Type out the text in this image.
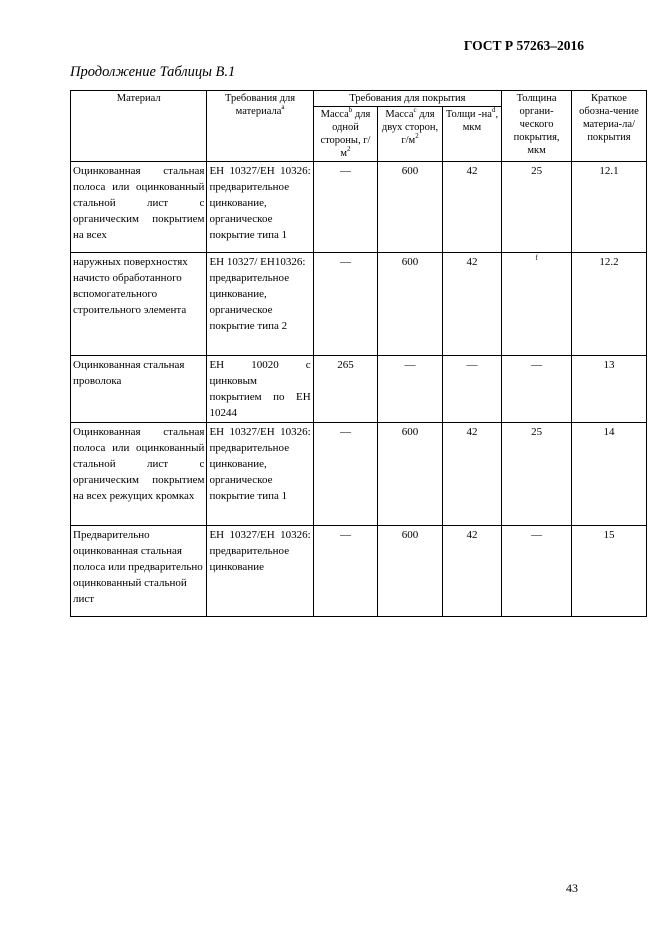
ГОСТ Р 57263–2016
Продолжение Таблицы В.1
Материал	Требования для материала$^a$	Требования для покрытия			Толщина органи-ческого покрытия, мкм	Краткое обозна-чение материа-ла/ покрытия
		Масса$^b$ для одной стороны, $г/м^2$	Масса$^c$ для двух сторон, $г/м^2$	Толщи $-на^d$, мкм		
Оцинкованная стальная полоса или оцинкованный стальной лист с органическим покрытием на всех	ЕН 10327/ЕН 10326: предварительное цинкование, органическое покрытие типа 1	—	600	42	25	12.1
наружных поверхностях начисто обработанного вспомогательного строительного элемента	ЕН 10327/ ЕН10326: предварительное цинкование, органическое покрытие типа 2	—	600	42	$^f$	12.2
Оцинкованная стальная проволока	ЕН 10020 с цинковым покрытием по ЕН 10244	265	—	—	—	13
Оцинкованная стальная полоса или оцинкованный стальной лист с органическим покрытием на всех режущих кромках	ЕН 10327/ЕН 10326: предварительное цинкование, органическое покрытие типа 1	—	600	42	25	14
Предварительно оцинкованная стальная полоса или предварительно оцинкованный стальной лист	ЕН 10327/ЕН 10326: предварительное цинкование	—	600	42	—	15
43
